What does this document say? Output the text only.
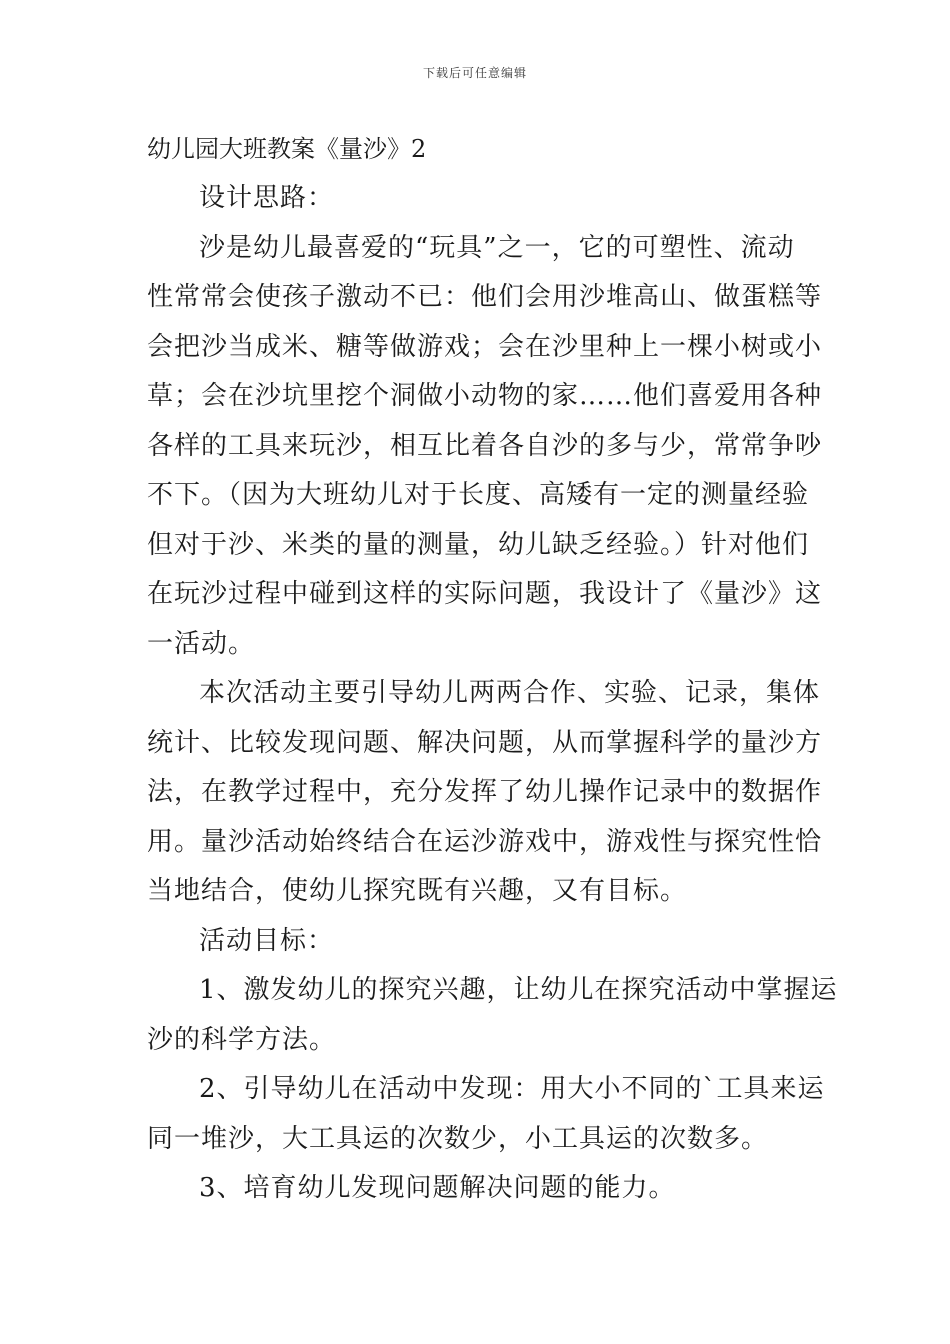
下载后可任意编辑
幼儿园大班教案《量沙》2

设计思路：

沙是幼儿最喜爱的“玩具”之一，它的可塑性、流动

性常常会使孩子激动不已：他们会用沙堆高山、做蛋糕等

会把沙当成米、糖等做游戏；会在沙里种上一棵小树或小

草；会在沙坑里挖个洞做小动物的家……他们喜爱用各种

各样的工具来玩沙，相互比着各自沙的多与少，常常争吵

不下。（因为大班幼儿对于长度、高矮有一定的测量经验

但对于沙、米类的量的测量，幼儿缺乏经验。）针对他们

在玩沙过程中碰到这样的实际问题，我设计了《量沙》这

一活动。

本次活动主要引导幼儿两两合作、实验、记录，集体

统计、比较发现问题、解决问题，从而掌握科学的量沙方

法，在教学过程中，充分发挥了幼儿操作记录中的数据作

用。量沙活动始终结合在运沙游戏中，游戏性与探究性恰

当地结合，使幼儿探究既有兴趣，又有目标。

活动目标：

1、激发幼儿的探究兴趣，让幼儿在探究活动中掌握运

沙的科学方法。

2、引导幼儿在活动中发现：用大小不同的`工具来运

同一堆沙，大工具运的次数少，小工具运的次数多。

3、培育幼儿发现问题解决问题的能力。
